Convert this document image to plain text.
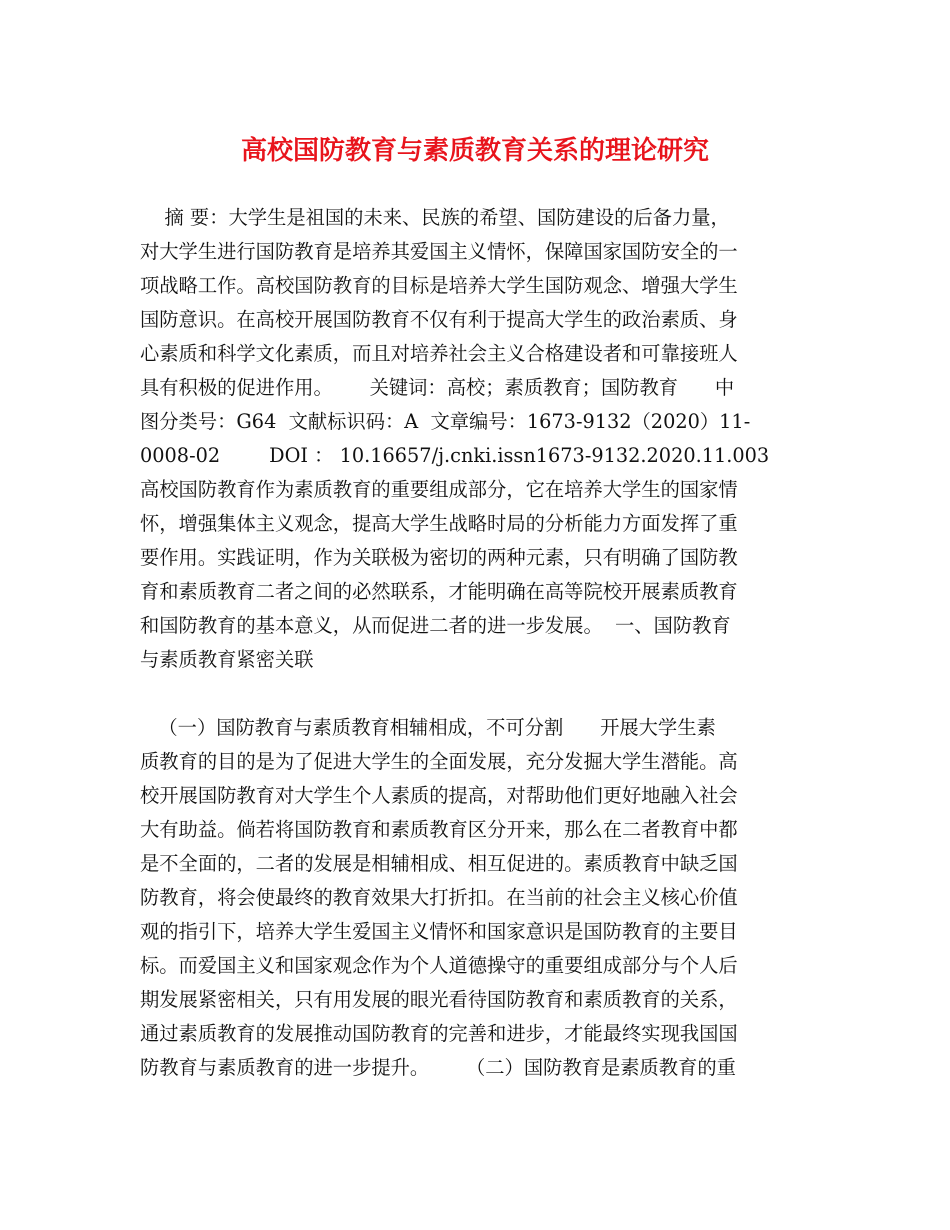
高校国防教育与素质教育关系的理论研究
摘 要：大学生是祖国的未来、民族的希望、国防建设的后备力量，
对大学生进行国防教育是培养其爱国主义情怀，保障国家国防安全的一
项战略工作。高校国防教育的目标是培养大学生国防观念、增强大学生
国防意识。在高校开展国防教育不仅有利于提高大学生的政治素质、身
心素质和科学文化素质，而且对培养社会主义合格建设者和可靠接班人
具有积极的促进作用。      关键词：高校；素质教育；国防教育      中
图分类号：G64  文献标识码：A  文章编号：1673-9132（2020）11-
0008-02        DOI ： 10.16657/j.cnki.issn1673-9132.2020.11.003
高校国防教育作为素质教育的重要组成部分，它在培养大学生的国家情
怀，增强集体主义观念，提高大学生战略时局的分析能力方面发挥了重
要作用。实践证明，作为关联极为密切的两种元素，只有明确了国防教
育和素质教育二者之间的必然联系，才能明确在高等院校开展素质教育
和国防教育的基本意义，从而促进二者的进一步发展。  一、国防教育
与素质教育紧密关联
（一）国防教育与素质教育相辅相成，不可分割      开展大学生素
质教育的目的是为了促进大学生的全面发展，充分发掘大学生潜能。高
校开展国防教育对大学生个人素质的提高，对帮助他们更好地融入社会
大有助益。倘若将国防教育和素质教育区分开来，那么在二者教育中都
是不全面的，二者的发展是相辅相成、相互促进的。素质教育中缺乏国
防教育，将会使最终的教育效果大打折扣。在当前的社会主义核心价值
观的指引下，培养大学生爱国主义情怀和国家意识是国防教育的主要目
标。而爱国主义和国家观念作为个人道德操守的重要组成部分与个人后
期发展紧密相关，只有用发展的眼光看待国防教育和素质教育的关系，
通过素质教育的发展推动国防教育的完善和进步，才能最终实现我国国
防教育与素质教育的进一步提升。      （二）国防教育是素质教育的重
